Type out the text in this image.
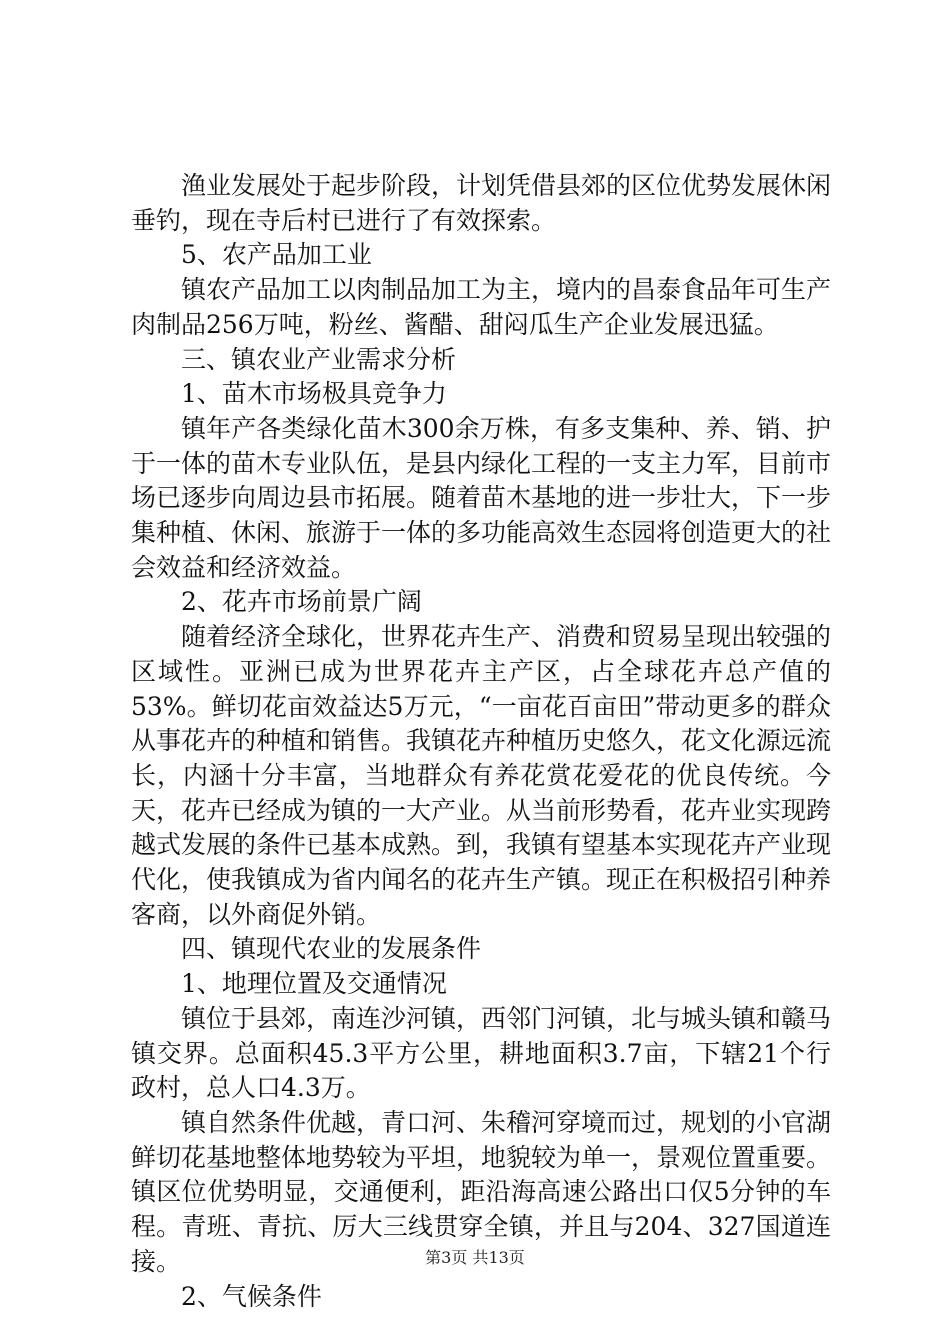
渔业发展处于起步阶段，计划凭借县郊的区位优势发展休闲垂钓，现在寺后村已进行了有效探索。

5、农产品加工业

镇农产品加工以肉制品加工为主，境内的昌泰食品年可生产肉制品256万吨，粉丝、酱醋、甜闷瓜生产企业发展迅猛。

三、镇农业产业需求分析

1、苗木市场极具竞争力

镇年产各类绿化苗木300余万株，有多支集种、养、销、护于一体的苗木专业队伍，是县内绿化工程的一支主力军，目前市场已逐步向周边县市拓展。随着苗木基地的进一步壮大，下一步集种植、休闲、旅游于一体的多功能高效生态园将创造更大的社会效益和经济效益。

2、花卉市场前景广阔

随着经济全球化，世界花卉生产、消费和贸易呈现出较强的区域性。亚洲已成为世界花卉主产区，占全球花卉总产值的53%。鲜切花亩效益达5万元，“一亩花百亩田”带动更多的群众从事花卉的种植和销售。我镇花卉种植历史悠久，花文化源远流长，内涵十分丰富，当地群众有养花赏花爱花的优良传统。今天，花卉已经成为镇的一大产业。从当前形势看，花卉业实现跨越式发展的条件已基本成熟。到，我镇有望基本实现花卉产业现代化，使我镇成为省内闻名的花卉生产镇。现正在积极招引种养客商，以外商促外销。

四、镇现代农业的发展条件

1、地理位置及交通情况

镇位于县郊，南连沙河镇，西邻门河镇，北与城头镇和赣马镇交界。总面积45.3平方公里，耕地面积3.7亩，下辖21个行政村，总人口4.3万。

镇自然条件优越，青口河、朱稽河穿境而过，规划的小官湖鲜切花基地整体地势较为平坦，地貌较为单一，景观位置重要。镇区位优势明显，交通便利，距沿海高速公路出口仅5分钟的车程。青班、青抗、厉大三线贯穿全镇，并且与204、327国道连接。

2、气候条件

第3页 共13页
